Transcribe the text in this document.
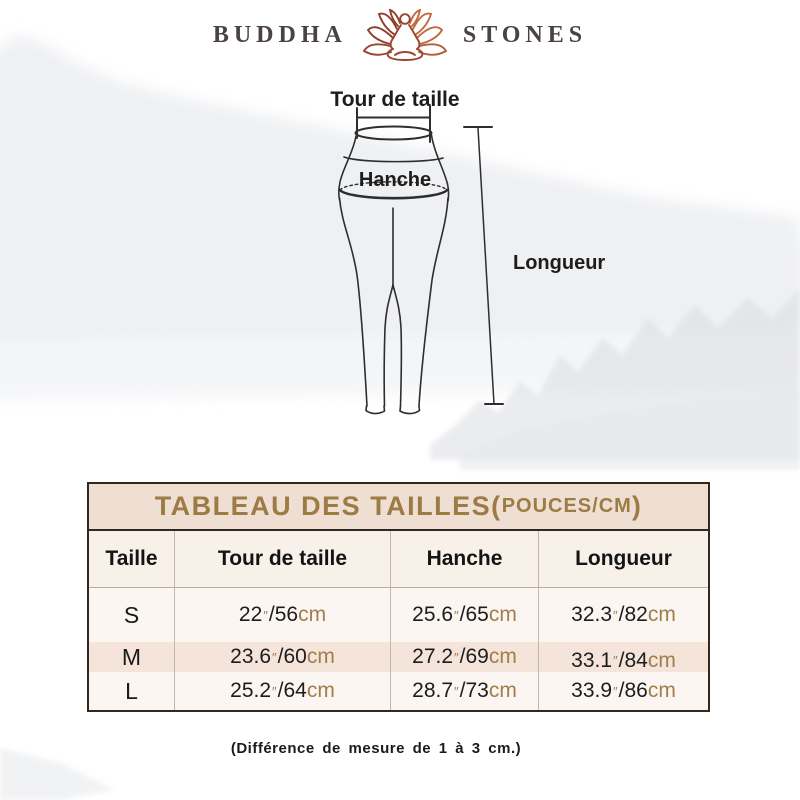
BUDDHA	STONES
Tour de taille
Hanche
Longueur
TABLEAU DES TAILLES( POUCES/CM )
Taille	Tour de taille	Hanche	Longueur
S	22 ″ / 56 cm	25.6 ″ / 65 cm	32.3 ″ / 82 cm
M	23.6 ″ / 60 cm	27.2 ″ / 69 cm	33.1 ″ / 84 cm
L	25.2 ″ / 64 cm	28.7 ″ / 73 cm	33.9 ″ / 86 cm
(Différence de mesure de 1 à 3 cm.)
